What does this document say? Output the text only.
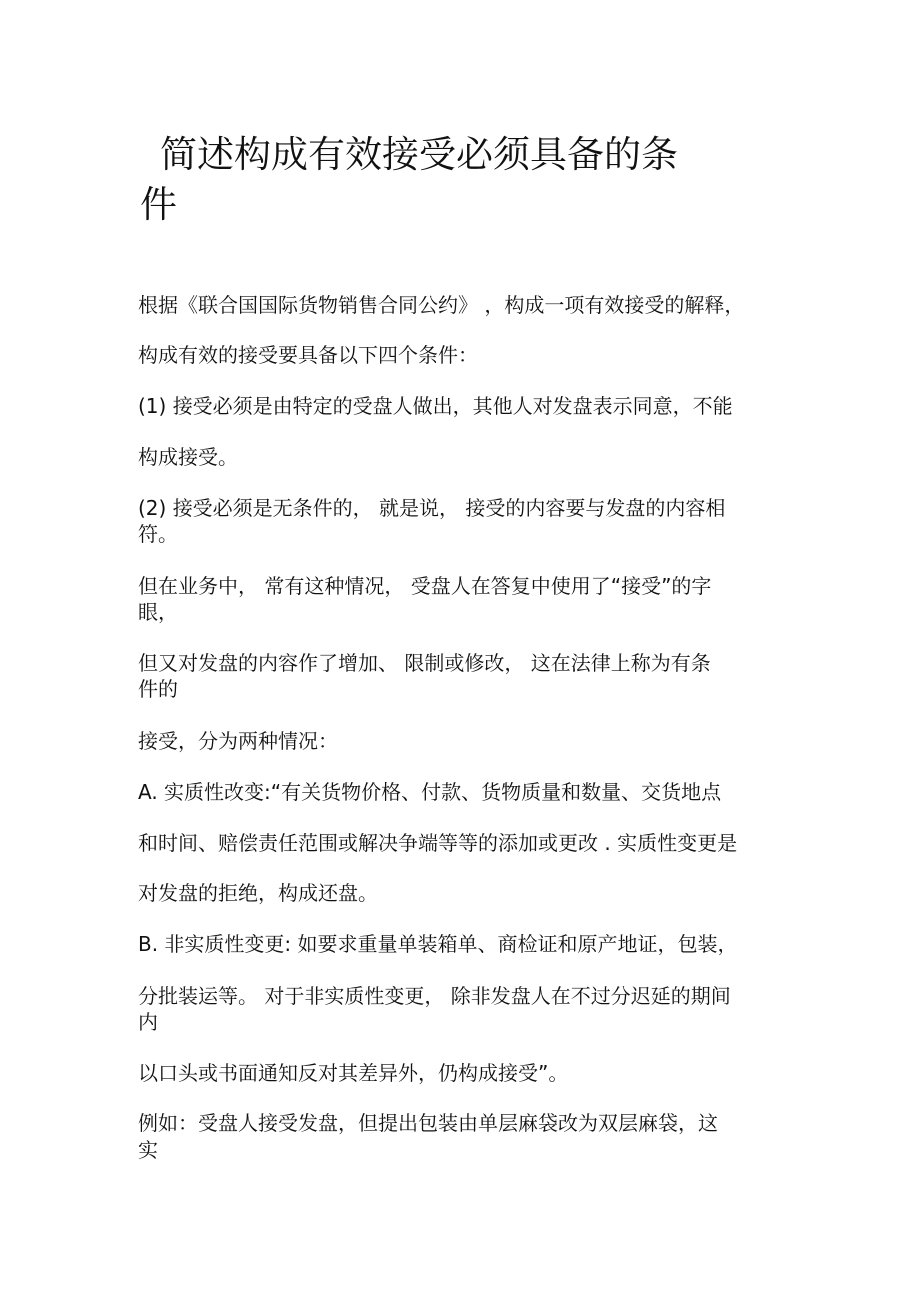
简述构成有效接受必须具备的条
件
根据《联合国国际货物销售合同公约》 ，构成一项有效接受的解释，
构成有效的接受要具备以下四个条件：
(1) 接受必须是由特定的受盘人做出，其他人对发盘表示同意，不能
构成接受。
(2) 接受必须是无条件的， 就是说， 接受的内容要与发盘的内容相
符。
但在业务中， 常有这种情况， 受盘人在答复中使用了“接受”的字
眼，
但又对发盘的内容作了增加、 限制或修改， 这在法律上称为有条
件的
接受，分为两种情况：
A. 实质性改变:“有关货物价格、付款、货物质量和数量、交货地点
和时间、赔偿责任范围或解决争端等等的添加或更改 . 实质性变更是
对发盘的拒绝，构成还盘。
B. 非实质性变更: 如要求重量单装箱单、商检证和原产地证，包装，
分批装运等。 对于非实质性变更， 除非发盘人在不过分迟延的期间
内
以口头或书面通知反对其差异外，仍构成接受”。
例如：受盘人接受发盘，但提出包装由单层麻袋改为双层麻袋，这
实
